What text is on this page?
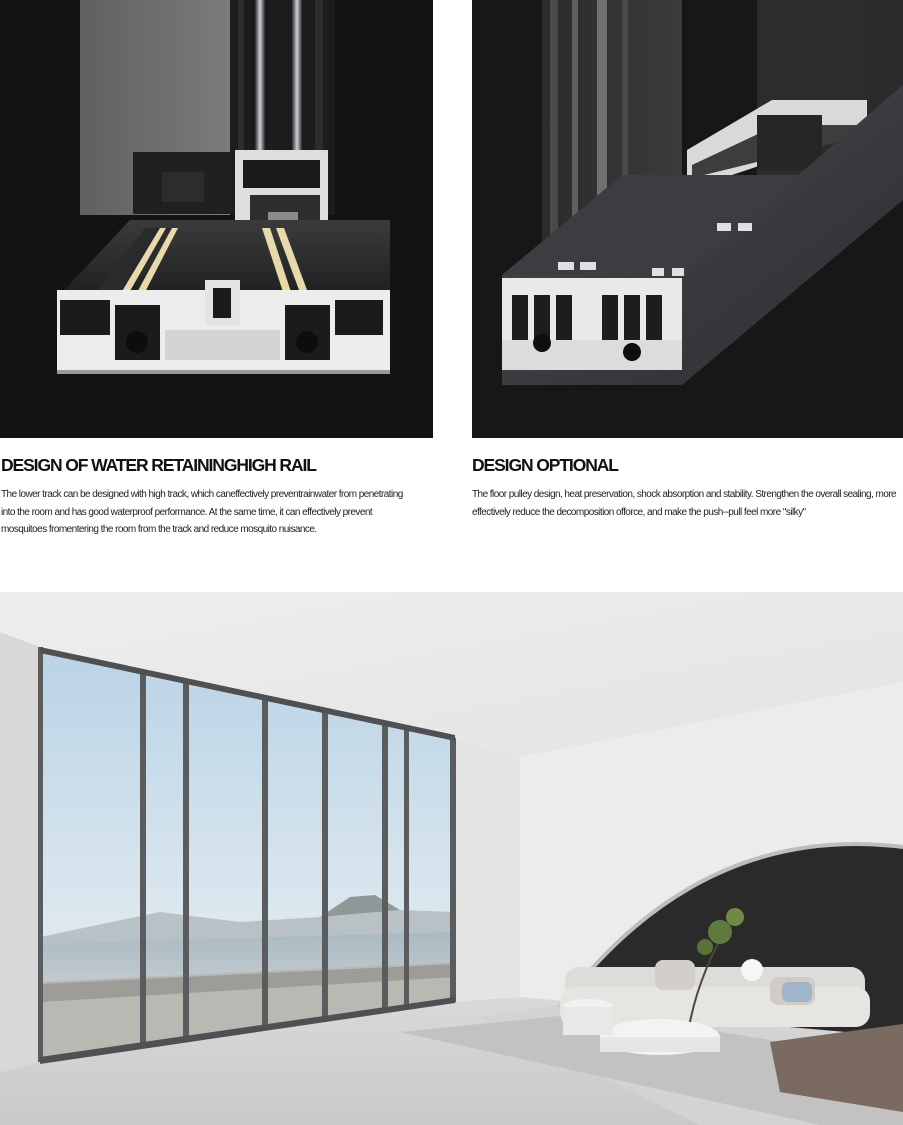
DESIGN OF WATER RETAININGHIGH RAIL

The lower track can be designed with high track, which caneffectively preventrainwater from penetrating into the room and has good waterproof performance. At the same time, it can effectively prevent mosquitoes fromentering the room from the track and reduce mosquito nuisance.

DESIGN OPTIONAL

The floor pulley design, heat preservation, shock absorption and stability. Strengthen the overall sealing, more effectively reduce the decomposition offorce, and make the push--pull feel more "silky"
